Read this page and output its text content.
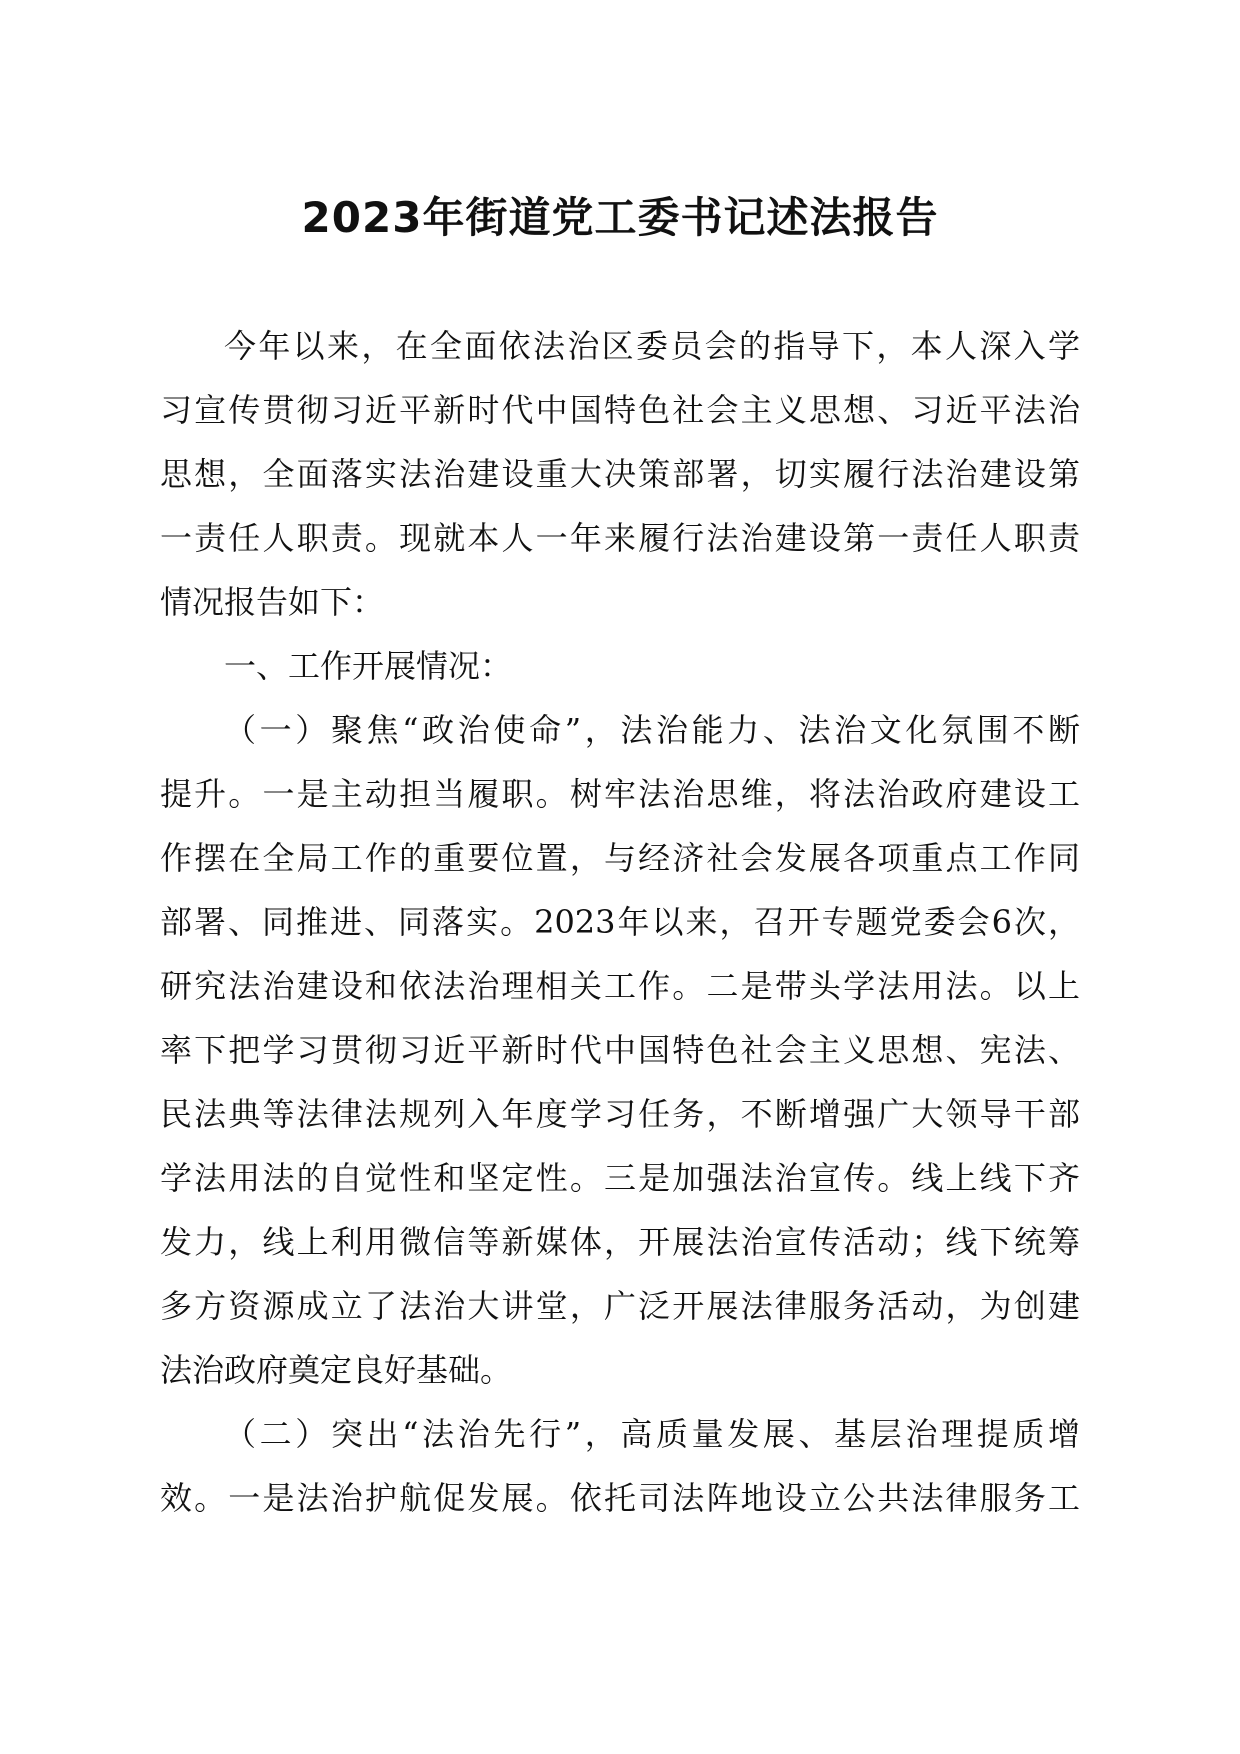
2023年街道党工委书记述法报告
今年以来，在全面依法治区委员会的指导下，本人深入学
习宣传贯彻习近平新时代中国特色社会主义思想、习近平法治
思想，全面落实法治建设重大决策部署，切实履行法治建设第
一责任人职责。现就本人一年来履行法治建设第一责任人职责
情况报告如下：
一、工作开展情况：
（一）聚焦“政治使命”，法治能力、法治文化氛围不断
提升。一是主动担当履职。树牢法治思维，将法治政府建设工
作摆在全局工作的重要位置，与经济社会发展各项重点工作同
部署、同推进、同落实。2023年以来，召开专题党委会6次，
研究法治建设和依法治理相关工作。二是带头学法用法。以上
率下把学习贯彻习近平新时代中国特色社会主义思想、宪法、
民法典等法律法规列入年度学习任务，不断增强广大领导干部
学法用法的自觉性和坚定性。三是加强法治宣传。线上线下齐
发力，线上利用微信等新媒体，开展法治宣传活动；线下统筹
多方资源成立了法治大讲堂，广泛开展法律服务活动，为创建
法治政府奠定良好基础。
（二）突出“法治先行”，高质量发展、基层治理提质增
效。一是法治护航促发展。依托司法阵地设立公共法律服务工
